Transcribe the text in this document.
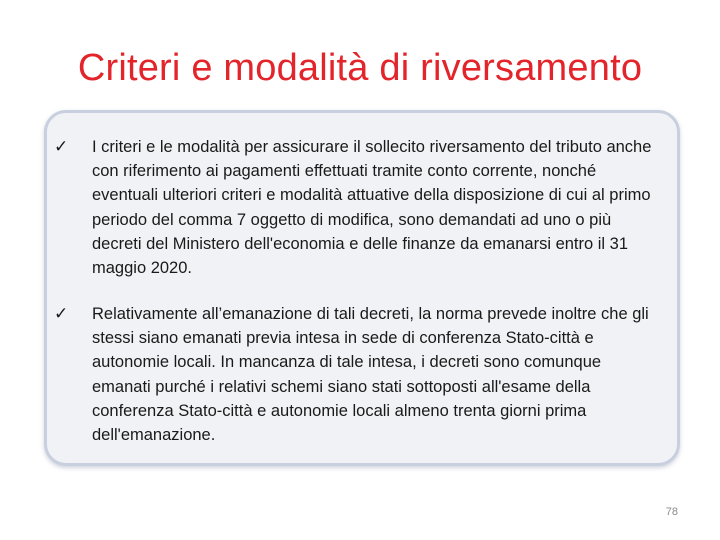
Criteri e modalità di riversamento
✓	I criteri e le modalità per assicurare il sollecito riversamento del tributo anche con riferimento ai pagamenti effettuati tramite conto corrente, nonché eventuali ulteriori criteri e modalità attuative della disposizione di cui al primo periodo del comma 7 oggetto di modifica, sono demandati ad uno o più decreti del Ministero dell'economia e delle finanze da emanarsi entro il 31 maggio 2020.
✓	Relativamente all’emanazione di tali decreti, la norma prevede inoltre che gli stessi siano emanati previa intesa in sede di conferenza Stato-città e autonomie locali. In mancanza di tale intesa, i decreti sono comunque emanati purché i relativi schemi siano stati sottoposti all'esame della conferenza Stato-città e autonomie locali almeno trenta giorni prima dell'emanazione.
78
